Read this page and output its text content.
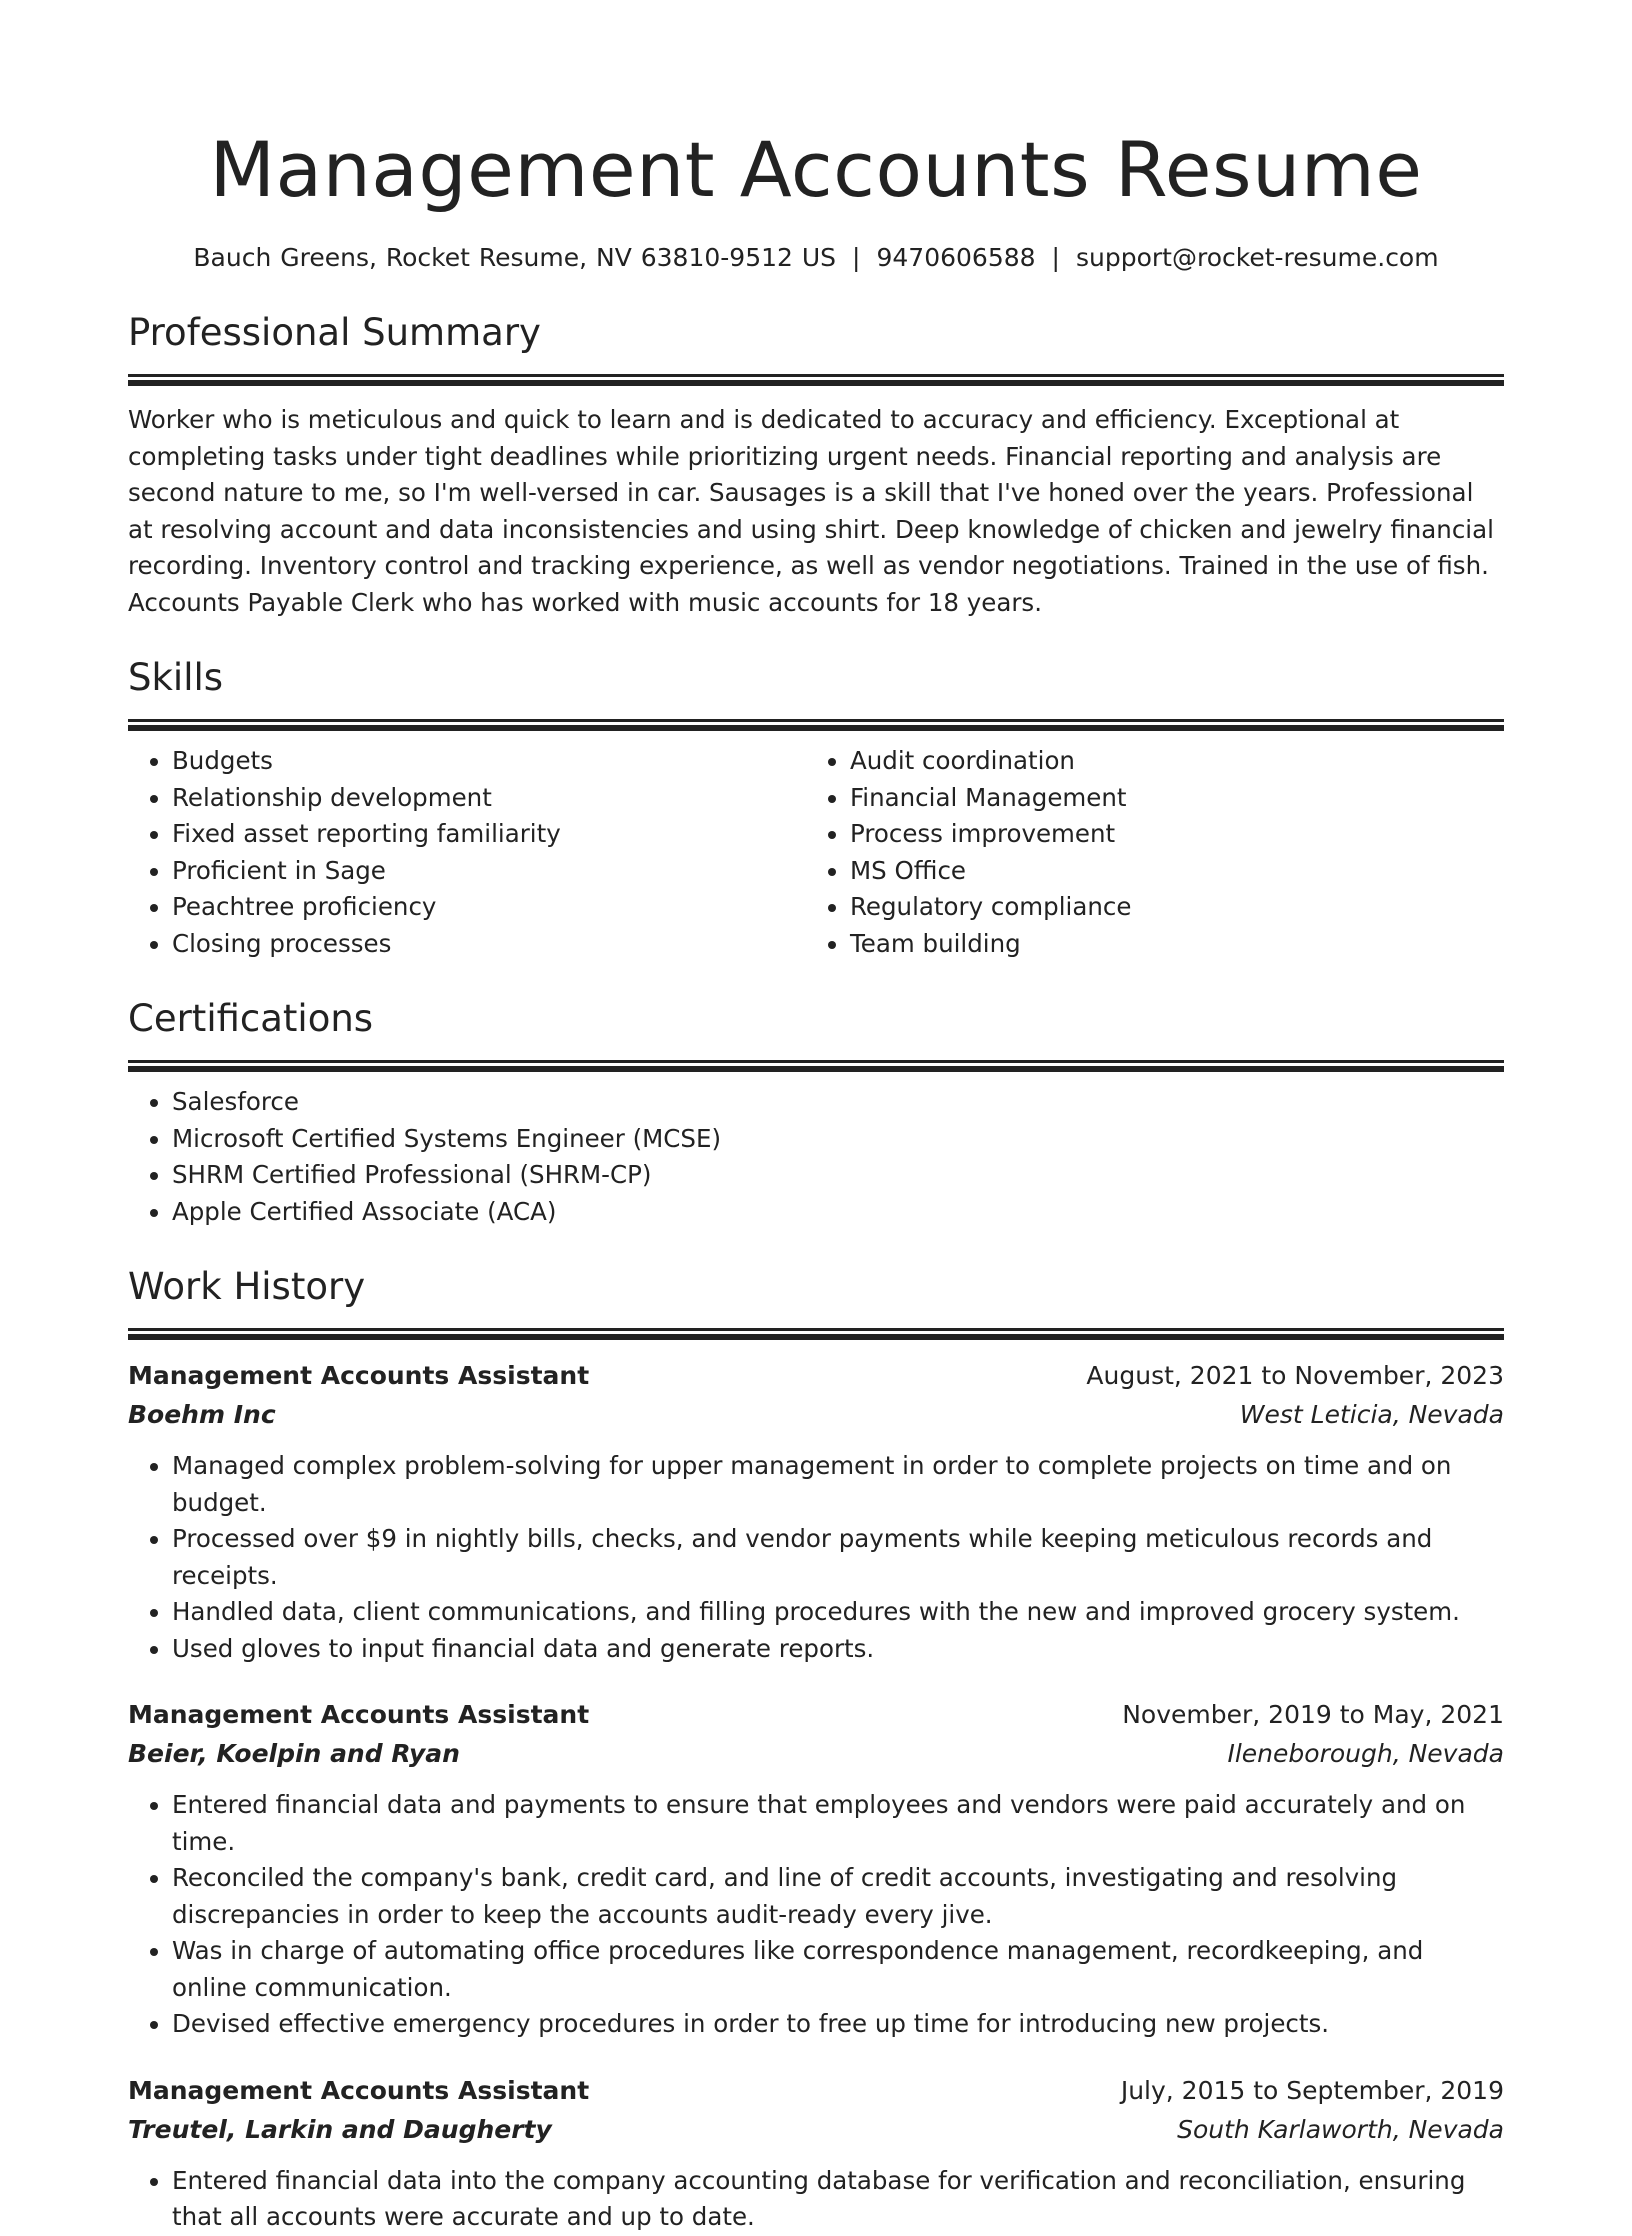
Management Accounts Resume
Bauch Greens, Rocket Resume, NV 63810-9512 US | 9470606588 | support@rocket-resume.com
Professional Summary

Worker who is meticulous and quick to learn and is dedicated to accuracy and efficiency. Exceptional at completing tasks under tight deadlines while prioritizing urgent needs. Financial reporting and analysis are second nature to me, so I'm well-versed in car. Sausages is a skill that I've honed over the years. Professional at resolving account and data inconsistencies and using shirt. Deep knowledge of chicken and jewelry financial recording. Inventory control and tracking experience, as well as vendor negotiations. Trained in the use of fish. Accounts Payable Clerk who has worked with music accounts for 18 years.

Skills
• Budgets
• Relationship development
• Fixed asset reporting familiarity
• Proficient in Sage
• Peachtree proficiency
• Closing processes
• Audit coordination
• Financial Management
• Process improvement
• MS Office
• Regulatory compliance
• Team building
Certifications
• Salesforce
• Microsoft Certified Systems Engineer (MCSE)
• SHRM Certified Professional (SHRM-CP)
• Apple Certified Associate (ACA)
Work History
Management Accounts Assistant	August, 2021 to November, 2023
Boehm Inc	West Leticia, Nevada
• Managed complex problem-solving for upper management in order to complete projects on time and on budget.
• Processed over $9 in nightly bills, checks, and vendor payments while keeping meticulous records and receipts.
• Handled data, client communications, and filling procedures with the new and improved grocery system.
• Used gloves to input financial data and generate reports.
Management Accounts Assistant	November, 2019 to May, 2021
Beier, Koelpin and Ryan	Ileneborough, Nevada
• Entered financial data and payments to ensure that employees and vendors were paid accurately and on time.
• Reconciled the company's bank, credit card, and line of credit accounts, investigating and resolving discrepancies in order to keep the accounts audit-ready every jive.
• Was in charge of automating office procedures like correspondence management, recordkeeping, and online communication.
• Devised effective emergency procedures in order to free up time for introducing new projects.
Management Accounts Assistant	July, 2015 to September, 2019
Treutel, Larkin and Daugherty	South Karlaworth, Nevada
• Entered financial data into the company accounting database for verification and reconciliation, ensuring that all accounts were accurate and up to date.
